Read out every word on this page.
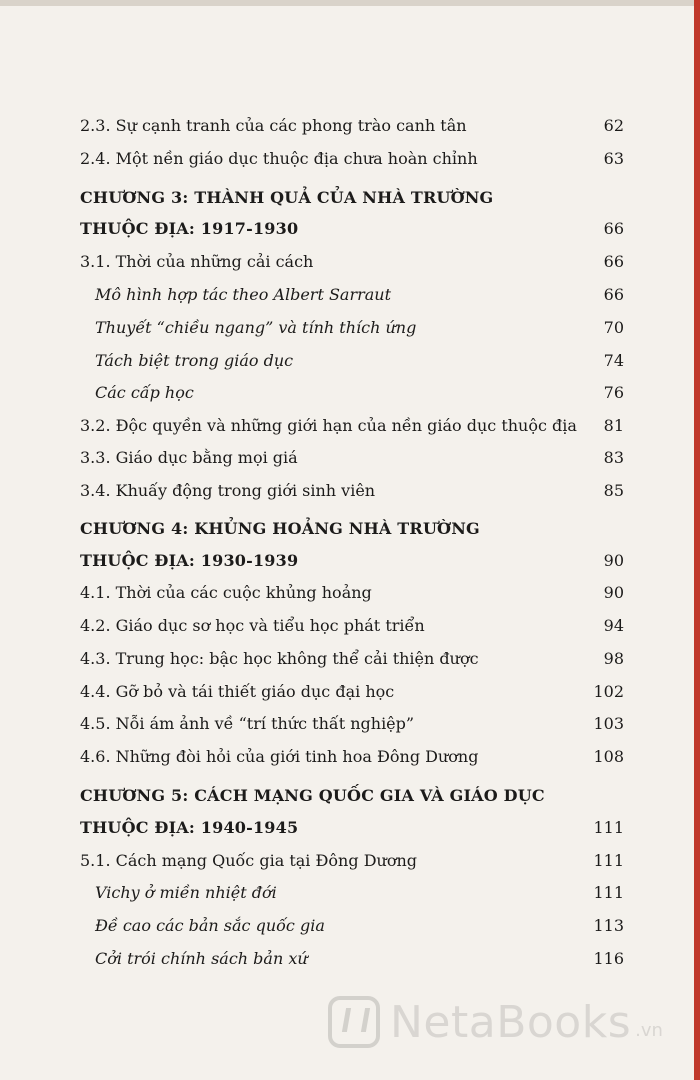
2.3. Sự cạnh tranh của các phong trào canh tân	62
2.4. Một nền giáo dục thuộc địa chưa hoàn chỉnh	63
CHƯƠNG 3: THÀNH QUẢ CỦA NHÀ TRƯỜNG
THUỘC ĐỊA: 1917-1930	66
3.1. Thời của những cải cách	66
Mô hình hợp tác theo Albert Sarraut	66
Thuyết “chiều ngang” và tính thích ứng	70
Tách biệt trong giáo dục	74
Các cấp học	76
3.2. Độc quyền và những giới hạn của nền giáo dục thuộc địa 81
3.3. Giáo dục bằng mọi giá	83
3.4. Khuấy động trong giới sinh viên	85
CHƯƠNG 4: KHỦNG HOẢNG NHÀ TRƯỜNG
THUỘC ĐỊA: 1930-1939	90
4.1. Thời của các cuộc khủng hoảng	90
4.2. Giáo dục sơ học và tiểu học phát triển	94
4.3. Trung học: bậc học không thể cải thiện được	98
4.4. Gỡ bỏ và tái thiết giáo dục đại học	102
4.5. Nỗi ám ảnh về “trí thức thất nghiệp”	103
4.6. Những đòi hỏi của giới tinh hoa Đông Dương	108
CHƯƠNG 5: CÁCH MẠNG QUỐC GIA VÀ GIÁO DỤC
THUỘC ĐỊA: 1940-1945	111
5.1. Cách mạng Quốc gia tại Đông Dương	111
Vichy ở miền nhiệt đới	111
Đề cao các bản sắc quốc gia	113
Cởi trói chính sách bản xứ	116
NetaBooks .vn
